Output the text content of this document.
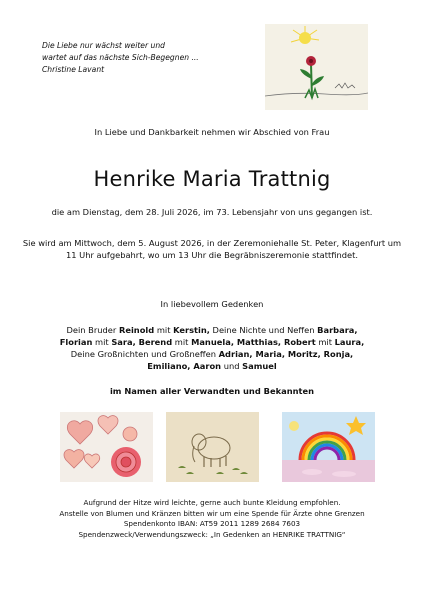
Die Liebe nur wächst weiter und
wartet auf das nächste Sich-Begegnen ...
Christine Lavant
In Liebe und Dankbarkeit nehmen wir Abschied von Frau
Henrike Maria Trattnig
die am Dienstag, dem 28. Juli 2026, im 73. Lebensjahr von uns gegangen ist.
Sie wird am Mittwoch, dem 5. August 2026, in der Zeremoniehalle St. Peter, Klagenfurt um 11 Uhr aufgebahrt, wo um 13 Uhr die Begräbniszeremonie stattfindet.
In liebevollem Gedenken
Dein Bruder Reinold mit Kerstin, Deine Nichte und Neffen Barbara,
Florian mit Sara, Berend mit Manuela, Matthias, Robert mit Laura,
Deine Großnichten und Großneffen Adrian, Maria, Moritz, Ronja,
Emiliano, Aaron und Samuel
im Namen aller Verwandten und Bekannten
Aufgrund der Hitze wird leichte, gerne auch bunte Kleidung empfohlen.
Anstelle von Blumen und Kränzen bitten wir um eine Spende für Ärzte ohne Grenzen
Spendenkonto IBAN: AT59 2011 1289 2684 7603
Spendenzweck/Verwendungszweck: „In Gedenken an HENRIKE TRATTNIG“
